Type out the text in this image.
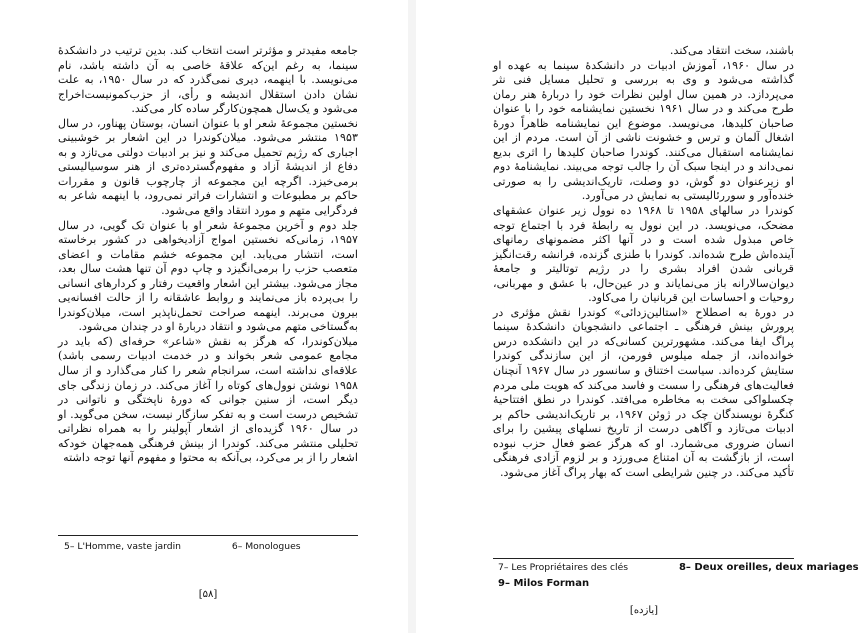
جامعه مفیدتر و مؤثرتر است انتخاب کند. بدین ترتیب در دانشکدهٔ سینما، به رغم این‌که علاقهٔ خاصی به آن داشته باشد، نام می‌نویسد. با اینهمه، دیری نمی‌گذرد که در سال ۱۹۵۰، به علت نشان دادن استقلال اندیشه و رأی، از حزب‌کمونیست‌اخراج می‌شود و یک‌سال همچون‌کارگر ساده کار می‌کند.

نخستین مجموعهٔ شعر او با عنوان انسان، بوستان پهناور، در سال ۱۹۵۳ منتشر می‌شود. میلان‌کوندرا در این اشعار بر خوشبینی اجباری که رژیم تحمیل می‌کند و نیز بر ادبیات دولتی می‌تازد و به دفاع از اندیشهٔ آزاد و مفهوم‌گسترده‌تری از هنر سوسیالیستی برمی‌خیزد. اگرچه این مجموعه از چارچوب قانون و مقررات حاکم بر مطبوعات و انتشارات فراتر نمی‌رود، با اینهمه شاعر به فردگرایی متهم و مورد انتقاد واقع می‌شود.

جلد دوم و آخرین مجموعهٔ شعر او با عنوان تک گویی، در سال ۱۹۵۷، زمانی‌که نخستین امواج آزادیخواهی در کشور برخاسته است، انتشار می‌یابد. این مجموعه خشم مقامات و اعضای متعصب حزب را برمی‌انگیزد و چاپ دوم آن تنها هشت سال بعد، مجاز می‌شود. بیشتر این اشعار واقعیت رفتار و کردارهای انسانی را بی‌پرده باز می‌نمایند و روابط عاشقانه را از حالت افسانه‌یی بیرون می‌برند. اینهمه صراحت تحمل‌ناپذیر است، میلان‌کوندرا به‌گستاخی متهم می‌شود و انتقاد دربارهٔ او در چندان می‌شود.

میلان‌کوندرا، که هرگز به نقش «شاعر» حرفه‌ای (که باید در مجامع عمومی شعر بخواند و در خدمت ادبیات رسمی باشد) علاقه‌ای نداشته است، سرانجام شعر را کنار می‌گذارد و از سال ۱۹۵۸ نوشتن نوول‌های کوتاه را آغاز می‌کند. در زمان زندگی جای دیگر است، از سنین جوانی که دورهٔ ناپختگی و ناتوانی در تشخیص درست است و به تفکر سازگار نیست، سخن می‌گوید. او در سال ۱۹۶۰ گزیده‌ای از اشعار آپولینر را به همراه نظراتی تحلیلی منتشر می‌کند. کوندرا از بینش فرهنگی همه‌جهان خودکه اشعار را از بر می‌کرد، بی‌آنکه به محتوا و مفهوم آنها توجه داشته

5– L'Homme, vaste jardin	6– Monologues
[۵۸]

باشند، سخت انتقاد می‌کند.

در سال ۱۹۶۰، آموزش ادبیات در دانشکدهٔ سینما به عهده او گذاشته می‌شود و وی به بررسی و تحلیل مسایل فنی نثر می‌پردازد. در همین سال اولین نظرات خود را دربارهٔ هنر رمان طرح می‌کند و در سال ۱۹۶۱ نخستین نمایشنامه خود را با عنوان صاحبان کلیدها، می‌نویسد. موضوع این نمایشنامه ظاهراً دورهٔ اشغال آلمان و ترس و خشونت ناشی از آن است. مردم از این نمایشنامه استقبال می‌کنند. کوندرا صاحبان کلیدها را اثری بدیع نمی‌داند و در اینجا سبک آن را جالب توجه می‌بیند. نمایشنامهٔ دوم او زیرعنوان دو گوش، دو وصلت، تاریک‌اندیشی را به صورتی خنده‌آور و سوررئالیستی به نمایش در می‌آورد.

کوندرا در سالهای ۱۹۵۸ تا ۱۹۶۸ ده نوول زیر عنوان عشقهای مضحک، می‌نویسد. در این نوول به رابطهٔ فرد با اجتماع توجه خاص مبذول شده است و در آنها اکثر مضمونهای رمانهای آینده‌اش طرح شده‌اند. کوندرا با طنزی گزنده، فرانشه رقت‌انگیز قربانی شدن افراد بشری را در رژیم توتالیتر و جامعهٔ دیوان‌سالارانه باز می‌نمایاند و در عین‌حال، با عشق و مهربانی، روحیات و احساسات این قربانیان را می‌کاود.

در دورهٔ به اصطلاح «استالین‌زدائی» کوندرا نقش مؤثری در پرورش بینش فرهنگی ـ اجتماعی دانشجویان دانشکدهٔ سینما پراگ ایفا می‌کند. مشهورترین کسانی‌که در این دانشکده درس خوانده‌اند، از جمله میلوس فورمن، از این سازندگی کوندرا ستایش کرده‌اند. سیاست اختناق و سانسور در سال ۱۹۶۷ آنچنان فعالیت‌های فرهنگی را سست و فاسد می‌کند که هویت ملی مردم چکسلواکی سخت به مخاطره می‌افتد. کوندرا در نطق افتتاحیهٔ کنگرهٔ نویسندگان چک در ژوئن ۱۹۶۷، بر تاریک‌اندیشی حاکم بر ادبیات می‌تازد و آگاهی درست از تاریخ نسلهای پیشین را برای انسان ضروری می‌شمارد. او که هرگز عضو فعال حزب نبوده است، از بازگشت به آن امتناع می‌ورزد و بر لزوم آزادی فرهنگی تأکید می‌کند. در چنین شرایطی است که بهار پراگ آغاز می‌شود.

7– Les Propriétaires des clés	8– Deux oreilles, deux mariages
9– Milos Forman
[یازده]
